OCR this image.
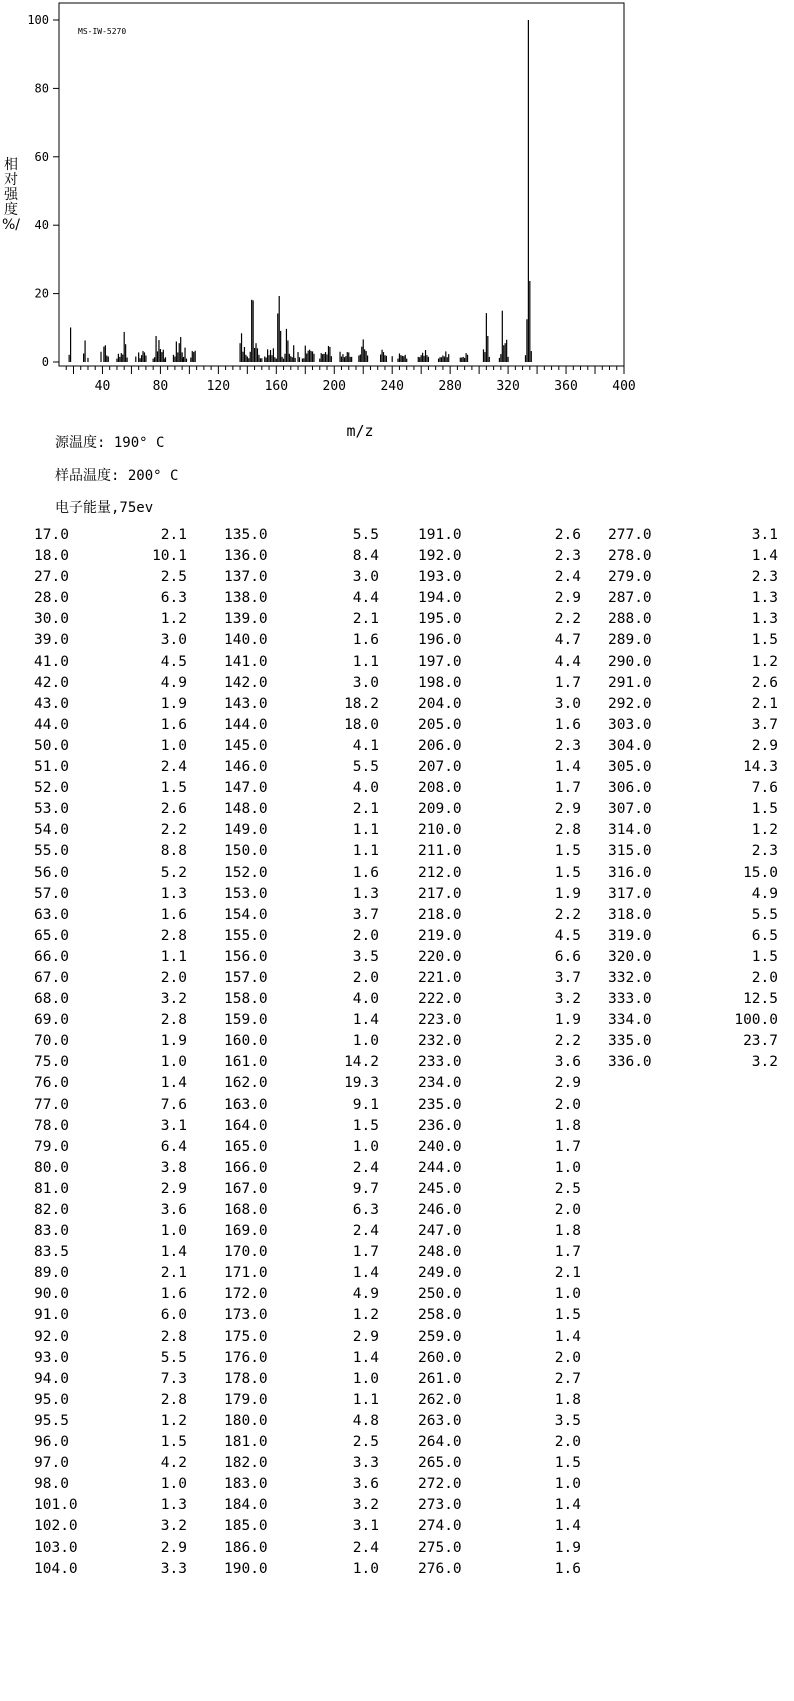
MS-IW-5270
0
20
40
60
80
100
40	80	120	160	200	240	280	320	360	400
相
对
强
度
%/
m/z
源温度: 190° C
样品温度: 200° C
电子能量,75ev
17.0	2.1	135.0	5.5	191.0	2.6 277.0	3.1
18.0	10.1	136.0	8.4	192.0	2.3 278.0	1.4
27.0	2.5	137.0	3.0	193.0	2.4 279.0	2.3
28.0	6.3	138.0	4.4	194.0	2.9 287.0	1.3
30.0	1.2	139.0	2.1	195.0	2.2 288.0	1.3
39.0	3.0	140.0	1.6	196.0	4.7 289.0	1.5
41.0	4.5	141.0	1.1	197.0	4.4 290.0	1.2
42.0	4.9	142.0	3.0	198.0	1.7 291.0	2.6
43.0	1.9	143.0	18.2	204.0	3.0 292.0	2.1
44.0	1.6	144.0	18.0	205.0	1.6 303.0	3.7
50.0	1.0	145.0	4.1	206.0	2.3 304.0	2.9
51.0	2.4	146.0	5.5	207.0	1.4 305.0	14.3
52.0	1.5	147.0	4.0	208.0	1.7 306.0	7.6
53.0	2.6	148.0	2.1	209.0	2.9 307.0	1.5
54.0	2.2	149.0	1.1	210.0	2.8 314.0	1.2
55.0	8.8	150.0	1.1	211.0	1.5 315.0	2.3
56.0	5.2	152.0	1.6	212.0	1.5 316.0	15.0
57.0	1.3	153.0	1.3	217.0	1.9 317.0	4.9
63.0	1.6	154.0	3.7	218.0	2.2 318.0	5.5
65.0	2.8	155.0	2.0	219.0	4.5 319.0	6.5
66.0	1.1	156.0	3.5	220.0	6.6 320.0	1.5
67.0	2.0	157.0	2.0	221.0	3.7 332.0	2.0
68.0	3.2	158.0	4.0	222.0	3.2 333.0	12.5
69.0	2.8	159.0	1.4	223.0	1.9 334.0	100.0
70.0	1.9	160.0	1.0	232.0	2.2 335.0	23.7
75.0	1.0	161.0	14.2	233.0	3.6 336.0	3.2
76.0	1.4	162.0	19.3	234.0	2.9
77.0	7.6	163.0	9.1	235.0	2.0
78.0	3.1	164.0	1.5	236.0	1.8
79.0	6.4	165.0	1.0	240.0	1.7
80.0	3.8	166.0	2.4	244.0	1.0
81.0	2.9	167.0	9.7	245.0	2.5
82.0	3.6	168.0	6.3	246.0	2.0
83.0	1.0	169.0	2.4	247.0	1.8
83.5	1.4	170.0	1.7	248.0	1.7
89.0	2.1	171.0	1.4	249.0	2.1
90.0	1.6	172.0	4.9	250.0	1.0
91.0	6.0	173.0	1.2	258.0	1.5
92.0	2.8	175.0	2.9	259.0	1.4
93.0	5.5	176.0	1.4	260.0	2.0
94.0	7.3	178.0	1.0	261.0	2.7
95.0	2.8	179.0	1.1	262.0	1.8
95.5	1.2	180.0	4.8	263.0	3.5
96.0	1.5	181.0	2.5	264.0	2.0
97.0	4.2	182.0	3.3	265.0	1.5
98.0	1.0	183.0	3.6	272.0	1.0
101.0	1.3	184.0	3.2	273.0	1.4
102.0	3.2	185.0	3.1	274.0	1.4
103.0	2.9	186.0	2.4	275.0	1.9
104.0	3.3	190.0	1.0	276.0	1.6
